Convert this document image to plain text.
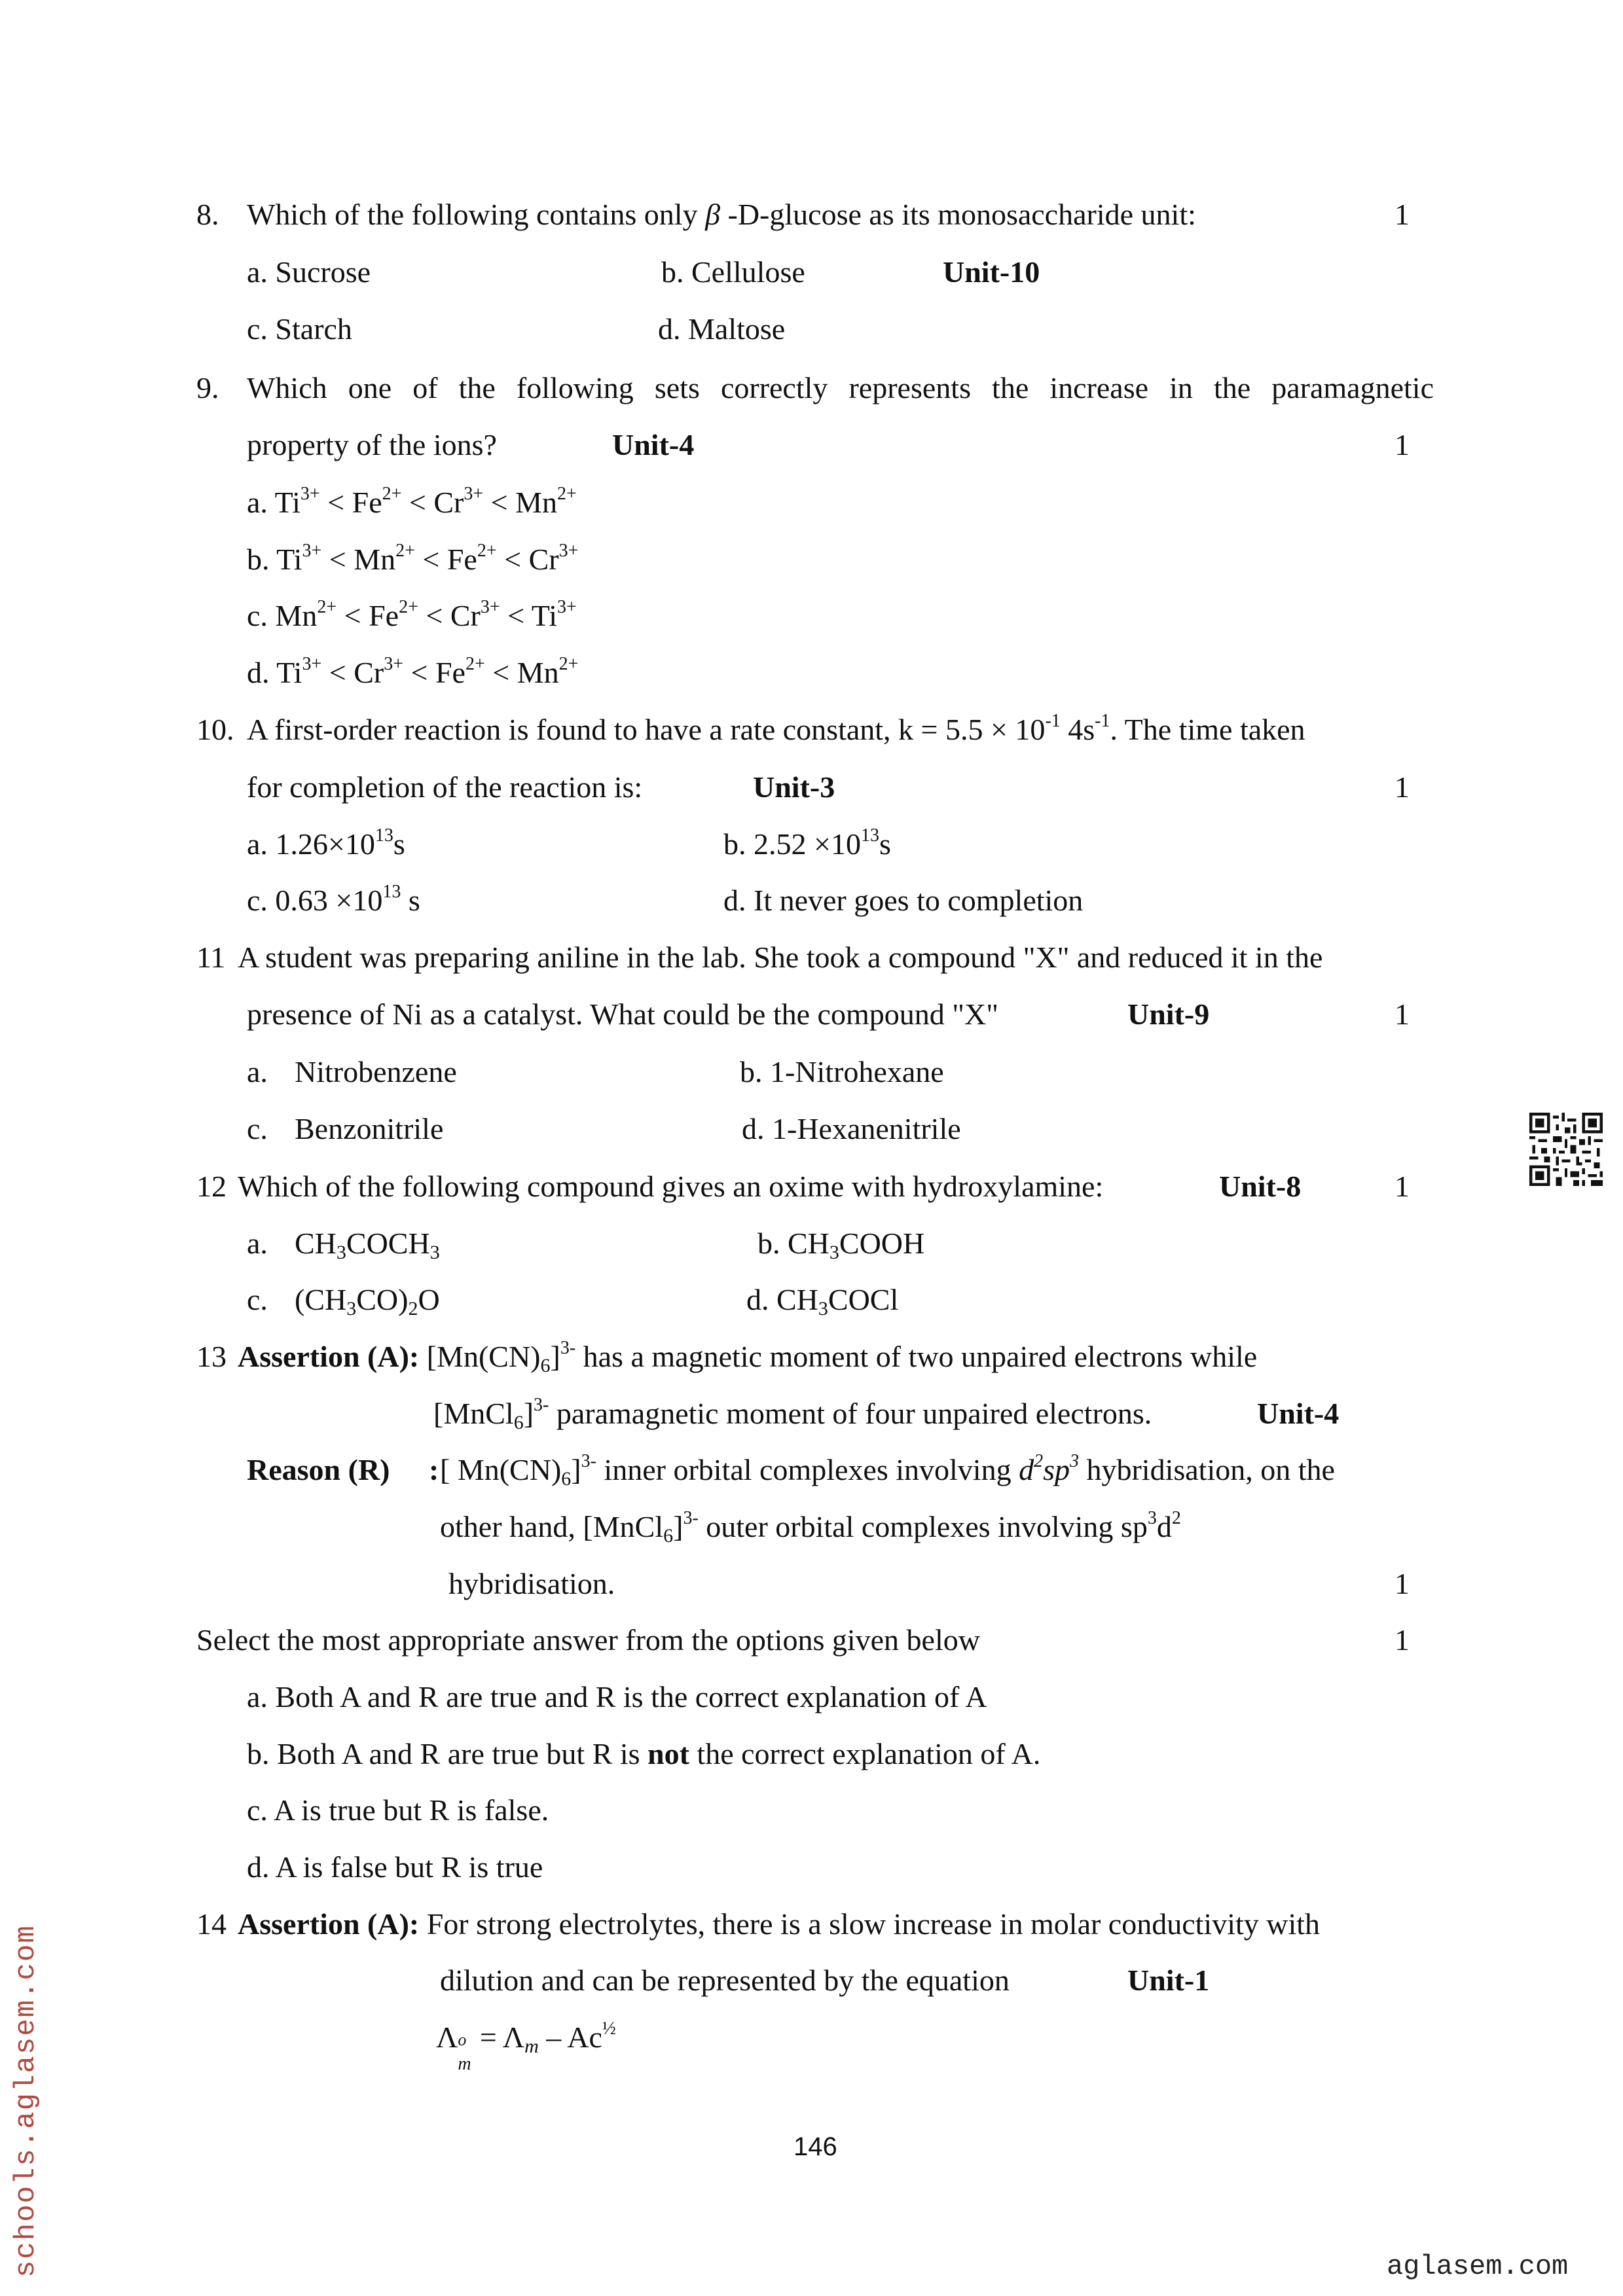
8. Which of the following contains only β -D-glucose as its monosaccharide unit:	1
a. Sucrose	b. Cellulose	Unit-10
c. Starch	d. Maltose
9. Which one of the following sets correctly represents the increase in the paramagnetic
property of the ions?	Unit-4	1
a. $Ti^{3+} < Fe^{2+} < Cr^{3+} < Mn^{2+}$
b. $Ti^{3+} < Mn^{2+} < Fe^{2+} < Cr^{3+}$
c. $Mn^{2+} < Fe^{2+} < Cr^{3+} < Ti^{3+}$
d. $Ti^{3+} < Cr^{3+} < Fe^{2+} < Mn^{2+}$
10. A first-order reaction is found to have a rate constant, $k = 5.5 \times 10^{-1}$ $4s^{-1}$. The time taken
for completion of the reaction is:	Unit-3	1
a. $1.26\times 10^{13}s$	b. $2.52 \times 10^{13}s$
c. $0.63 \times 10^{13}$ s	d. It never goes to completion
11 A student was preparing aniline in the lab. She took a compound "X" and reduced it in the
presence of Ni as a catalyst. What could be the compound "X"	Unit-9	1
a. Nitrobenzene	b. 1-Nitrohexane
c. Benzonitrile	d. 1-Hexanenitrile
12 Which of the following compound gives an oxime with hydroxylamine:	Unit-8	1
a. $CH_3COCH_3$	b. $CH_3COOH$
c. $(CH_3CO)_2O$	d. $CH_3COCl$
13 Assertion (A): $[Mn(CN)_6]^{3-}$ has a magnetic moment of two unpaired electrons while
[MnCl$_6$]$^{3-}$ paramagnetic moment of four unpaired electrons.	Unit-4
Reason (R) : [ $Mn(CN)_6]^{3-}$ inner orbital complexes involving $d^2sp^3$ hybridisation, on the
other hand, [MnCl$_6$]$^{3-}$ outer orbital complexes involving $sp^3d^2$
hybridisation.	1
Select the most appropriate answer from the options given below	1
a. Both A and R are true and R is the correct explanation of A
b. Both A and R are true but R is not the correct explanation of A.
c. A is true but R is false.
d. A is false but R is true
14 Assertion (A): For strong electrolytes, there is a slow increase in molar conductivity with
dilution and can be represented by the equation	Unit-1
Λ o
m
= $\Lambda_m - Ac^{\frac{1}{2}}$
146
schools.aglasem.com	aglasem.com
